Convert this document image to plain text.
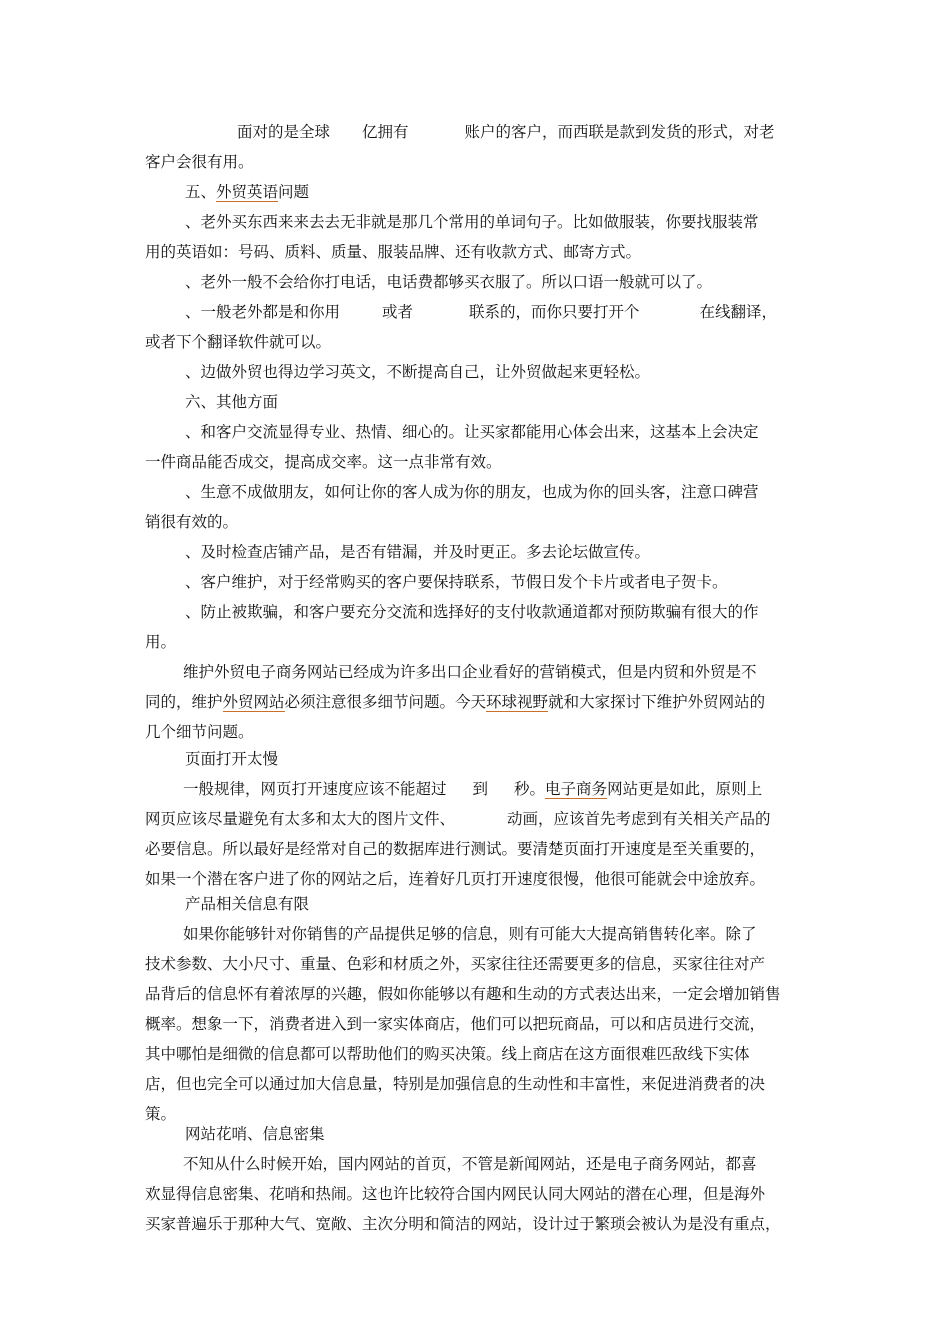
面对的是全球 亿拥有	账户的客户，而西联是款到发货的形式，对老
客户会很有用。
五、外贸英语问题
、老外买东西来来去去无非就是那几个常用的单词句子。比如做服装，你要找服装常
用的英语如：号码、质料、质量、服装品牌、还有收款方式、邮寄方式。
、老外一般不会给你打电话，电话费都够买衣服了。所以口语一般就可以了。
、一般老外都是和你用	或者	联系的，而你只要打开个	在线翻译，
或者下个翻译软件就可以。
、边做外贸也得边学习英文，不断提高自己，让外贸做起来更轻松。
六、其他方面
、和客户交流显得专业、热情、细心的。让买家都能用心体会出来，这基本上会决定
一件商品能否成交，提高成交率。这一点非常有效。
、生意不成做朋友，如何让你的客人成为你的朋友，也成为你的回头客，注意口碑营
销很有效的。
、及时检查店铺产品，是否有错漏，并及时更正。多去论坛做宣传。
、客户维护，对于经常购买的客户要保持联系，节假日发个卡片或者电子贺卡。
、防止被欺骗，和客户要充分交流和选择好的支付收款通道都对预防欺骗有很大的作
用。
维护外贸电子商务网站已经成为许多出口企业看好的营销模式，但是内贸和外贸是不
同的，维护外贸网站必须注意很多细节问题。今天环球视野就和大家探讨下维护外贸网站的
几个细节问题。
页面打开太慢
一般规律，网页打开速度应该不能超过 到 秒。电子商务网站更是如此，原则上
网页应该尽量避免有太多和太大的图片文件、	动画，应该首先考虑到有关相关产品的
必要信息。所以最好是经常对自己的数据库进行测试。要清楚页面打开速度是至关重要的，
如果一个潜在客户进了你的网站之后，连着好几页打开速度很慢，他很可能就会中途放弃。
产品相关信息有限
如果你能够针对你销售的产品提供足够的信息，则有可能大大提高销售转化率。除了
技术参数、大小尺寸、重量、色彩和材质之外，买家往往还需要更多的信息，买家往往对产
品背后的信息怀有着浓厚的兴趣，假如你能够以有趣和生动的方式表达出来，一定会增加销售
概率。想象一下，消费者进入到一家实体商店，他们可以把玩商品，可以和店员进行交流，
其中哪怕是细微的信息都可以帮助他们的购买决策。线上商店在这方面很难匹敌线下实体
店，但也完全可以通过加大信息量，特别是加强信息的生动性和丰富性，来促进消费者的决
策。
网站花哨、信息密集
不知从什么时候开始，国内网站的首页，不管是新闻网站，还是电子商务网站，都喜
欢显得信息密集、花哨和热闹。这也许比较符合国内网民认同大网站的潜在心理，但是海外
买家普遍乐于那种大气、宽敞、主次分明和简洁的网站，设计过于繁琐会被认为是没有重点，
